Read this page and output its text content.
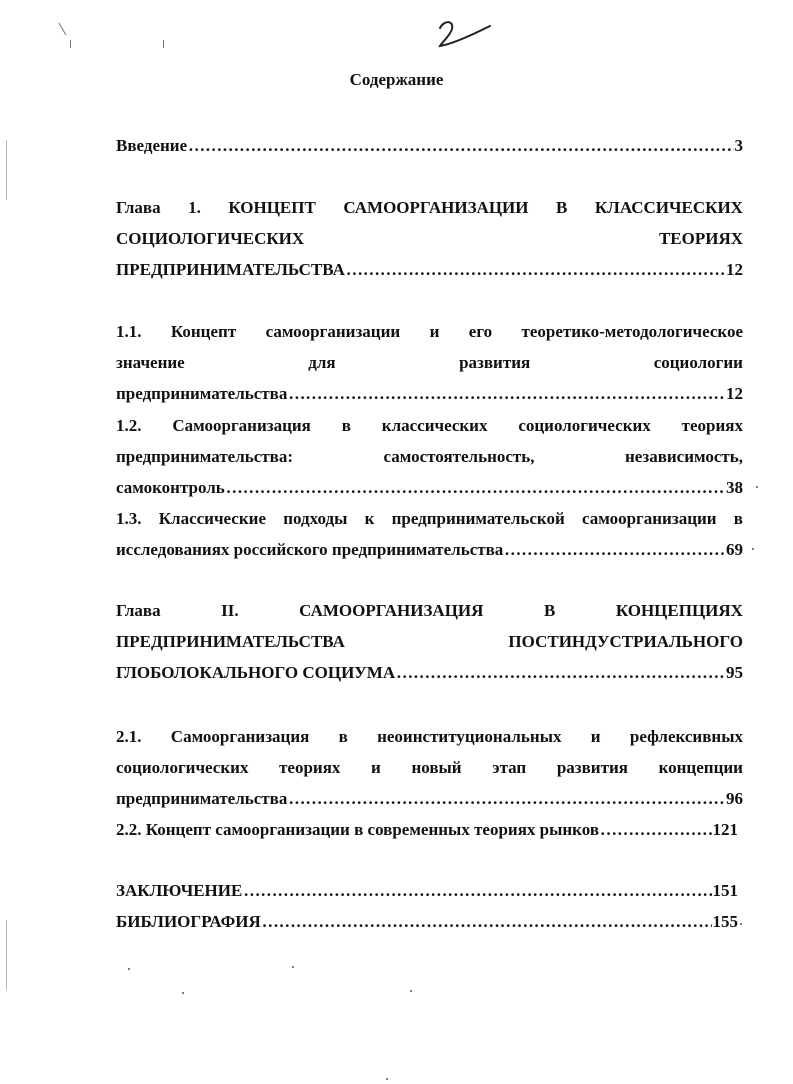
Содержание
Введение ……………………………………………………………………………………………………………………………………………………………………………………………………………………………………………	3
Глава 1. КОНЦЕПТ САМООРГАНИЗАЦИИ В КЛАССИЧЕСКИХ
СОЦИОЛОГИЧЕСКИХ	ТЕОРИЯХ
ПРЕДПРИНИМАТЕЛЬСТВА ……………………………………………………………………………………………………………………………………………………………………………………………………………………………………………	12
1.1. Концепт самоорганизации и его теоретико-методологическое
значение	для	развития	социологии
предпринимательства ……………………………………………………………………………………………………………………………………………………………………………………………………………………………………………	12
1.2. Самоорганизация в классических социологических теориях
предпринимательства:	самостоятельность,	независимость,
самоконтроль ……………………………………………………………………………………………………………………………………………………………………………………………………………………………………………	38
1.3. Классические подходы к предпринимательской самоорганизации в
исследованиях российского предпринимательства ……………………………………………………………………………………………………………………………………………………………………………………………………………………………………………	69
Глава	II.	САМООРГАНИЗАЦИЯ	В	КОНЦЕПЦИЯХ
ПРЕДПРИНИМАТЕЛЬСТВА	ПОСТИНДУСТРИАЛЬНОГО
ГЛОБОЛОКАЛЬНОГО СОЦИУМА ……………………………………………………………………………………………………………………………………………………………………………………………………………………………………………	95
2.1. Самоорганизация в неоинституциональных и рефлексивных
социологических теориях и новый этап развития концепции
предпринимательства ……………………………………………………………………………………………………………………………………………………………………………………………………………………………………………	96
2.2. Концепт самоорганизации в современных теориях рынков ……………………………………………………………………………………………………………………………………………………………………………………………………………………………………………	121
ЗАКЛЮЧЕНИЕ ……………………………………………………………………………………………………………………………………………………………………………………………………………………………………………	151
БИБЛИОГРАФИЯ ……………………………………………………………………………………………………………………………………………………………………………………………………………………………………………	155
